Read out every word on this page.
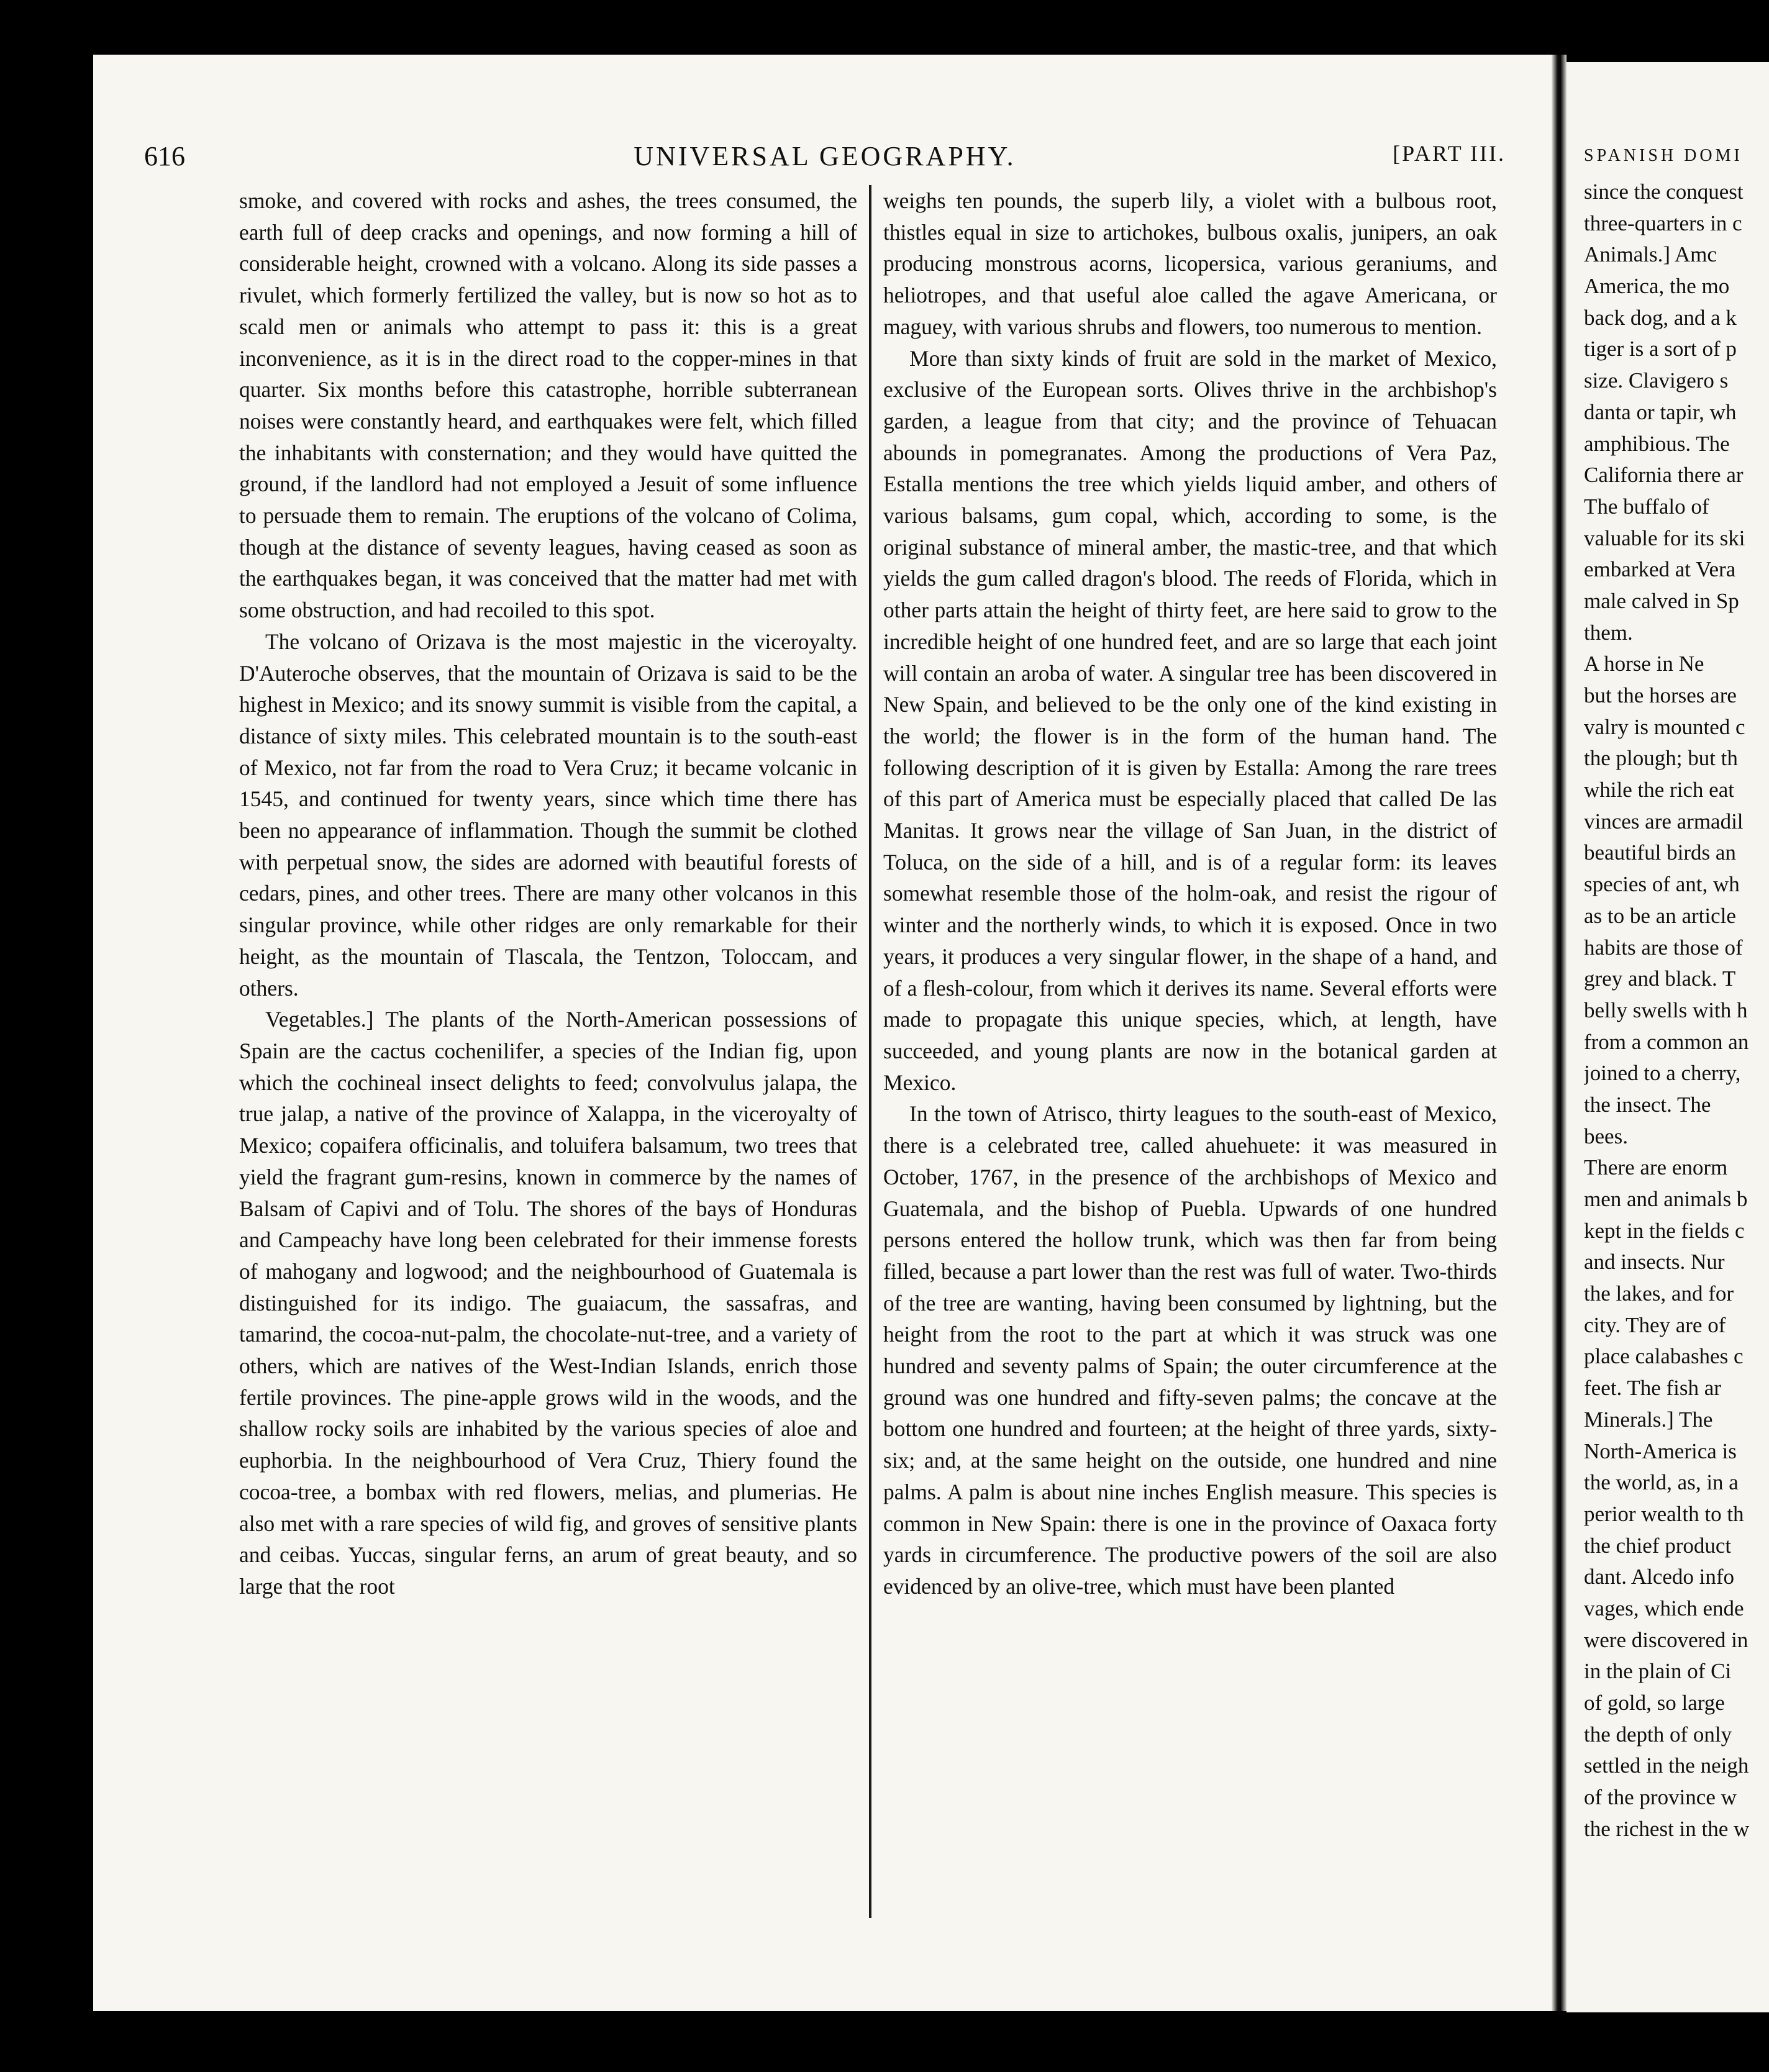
616	UNIVERSAL GEOGRAPHY.	[PART III.

smoke, and covered with rocks and ashes, the trees consumed, the earth full of deep cracks and openings, and now forming a hill of considerable height, crowned with a volcano. Along its side passes a rivulet, which formerly fertilized the valley, but is now so hot as to scald men or animals who attempt to pass it: this is a great inconvenience, as it is in the direct road to the copper-mines in that quarter. Six months before this catastrophe, horrible subterranean noises were constantly heard, and earthquakes were felt, which filled the inhabitants with consternation; and they would have quitted the ground, if the landlord had not employed a Jesuit of some influence to persuade them to remain. The eruptions of the volcano of Colima, though at the distance of seventy leagues, having ceased as soon as the earthquakes began, it was conceived that the matter had met with some obstruction, and had recoiled to this spot.

The volcano of Orizava is the most majestic in the viceroyalty. D'Auteroche observes, that the mountain of Orizava is said to be the highest in Mexico; and its snowy summit is visible from the capital, a distance of sixty miles. This celebrated mountain is to the south-east of Mexico, not far from the road to Vera Cruz; it became volcanic in 1545, and continued for twenty years, since which time there has been no appearance of inflammation. Though the summit be clothed with perpetual snow, the sides are adorned with beautiful forests of cedars, pines, and other trees. There are many other volcanos in this singular province, while other ridges are only remarkable for their height, as the mountain of Tlascala, the Tentzon, Toloccam, and others.

Vegetables.] The plants of the North-American possessions of Spain are the cactus cochenilifer, a species of the Indian fig, upon which the cochineal insect delights to feed; convolvulus jalapa, the true jalap, a native of the province of Xalappa, in the viceroyalty of Mexico; copaifera officinalis, and toluifera balsamum, two trees that yield the fragrant gum-resins, known in commerce by the names of Balsam of Capivi and of Tolu. The shores of the bays of Honduras and Campeachy have long been celebrated for their immense forests of mahogany and logwood; and the neighbourhood of Guatemala is distinguished for its indigo. The guaiacum, the sassafras, and tamarind, the cocoa-nut-palm, the chocolate-nut-tree, and a variety of others, which are natives of the West-Indian Islands, enrich those fertile provinces. The pine-apple grows wild in the woods, and the shallow rocky soils are inhabited by the various species of aloe and euphorbia. In the neighbourhood of Vera Cruz, Thiery found the cocoa-tree, a bombax with red flowers, melias, and plumerias. He also met with a rare species of wild fig, and groves of sensitive plants and ceibas. Yuccas, singular ferns, an arum of great beauty, and so large that the root

weighs ten pounds, the superb lily, a violet with a bulbous root, thistles equal in size to artichokes, bulbous oxalis, junipers, an oak producing monstrous acorns, licopersica, various geraniums, and heliotropes, and that useful aloe called the agave Americana, or maguey, with various shrubs and flowers, too numerous to mention.

More than sixty kinds of fruit are sold in the market of Mexico, exclusive of the European sorts. Olives thrive in the archbishop's garden, a league from that city; and the province of Tehuacan abounds in pomegranates. Among the productions of Vera Paz, Estalla mentions the tree which yields liquid amber, and others of various balsams, gum copal, which, according to some, is the original substance of mineral amber, the mastic-tree, and that which yields the gum called dragon's blood. The reeds of Florida, which in other parts attain the height of thirty feet, are here said to grow to the incredible height of one hundred feet, and are so large that each joint will contain an aroba of water. A singular tree has been discovered in New Spain, and believed to be the only one of the kind existing in the world; the flower is in the form of the human hand. The following description of it is given by Estalla: Among the rare trees of this part of America must be especially placed that called De las Manitas. It grows near the village of San Juan, in the district of Toluca, on the side of a hill, and is of a regular form: its leaves somewhat resemble those of the holm-oak, and resist the rigour of winter and the northerly winds, to which it is exposed. Once in two years, it produces a very singular flower, in the shape of a hand, and of a flesh-colour, from which it derives its name. Several efforts were made to propagate this unique species, which, at length, have succeeded, and young plants are now in the botanical garden at Mexico.

In the town of Atrisco, thirty leagues to the south-east of Mexico, there is a celebrated tree, called ahuehuete: it was measured in October, 1767, in the presence of the archbishops of Mexico and Guatemala, and the bishop of Puebla. Upwards of one hundred persons entered the hollow trunk, which was then far from being filled, because a part lower than the rest was full of water. Two-thirds of the tree are wanting, having been consumed by lightning, but the height from the root to the part at which it was struck was one hundred and seventy palms of Spain; the outer circumference at the ground was one hundred and fifty-seven palms; the concave at the bottom one hundred and fourteen; at the height of three yards, sixty-six; and, at the same height on the outside, one hundred and nine palms. A palm is about nine inches English measure. This species is common in New Spain: there is one in the province of Oaxaca forty yards in circumference. The productive powers of the soil are also evidenced by an olive-tree, which must have been planted

SPANISH DOMI
since the conquest
three-quarters in c
Animals.] Amc
America, the mo
back dog, and a k
tiger is a sort of p
size. Clavigero s
danta or tapir, wh
amphibious. The
California there ar
The buffalo of
valuable for its ski
embarked at Vera
male calved in Sp
them.
A horse in Ne
but the horses are
valry is mounted c
the plough; but th
while the rich eat
vinces are armadil
beautiful birds an
species of ant, wh
as to be an article
habits are those of
grey and black. T
belly swells with h
from a common an
joined to a cherry,
the insect. The
bees.
There are enorm
men and animals b
kept in the fields c
and insects. Nur
the lakes, and for
city. They are of
place calabashes c
feet. The fish ar
Minerals.] The
North-America is
the world, as, in a
perior wealth to th
the chief product
dant. Alcedo info
vages, which ende
were discovered in
in the plain of Ci
of gold, so large
the depth of only
settled in the neigh
of the province w
the richest in the w
